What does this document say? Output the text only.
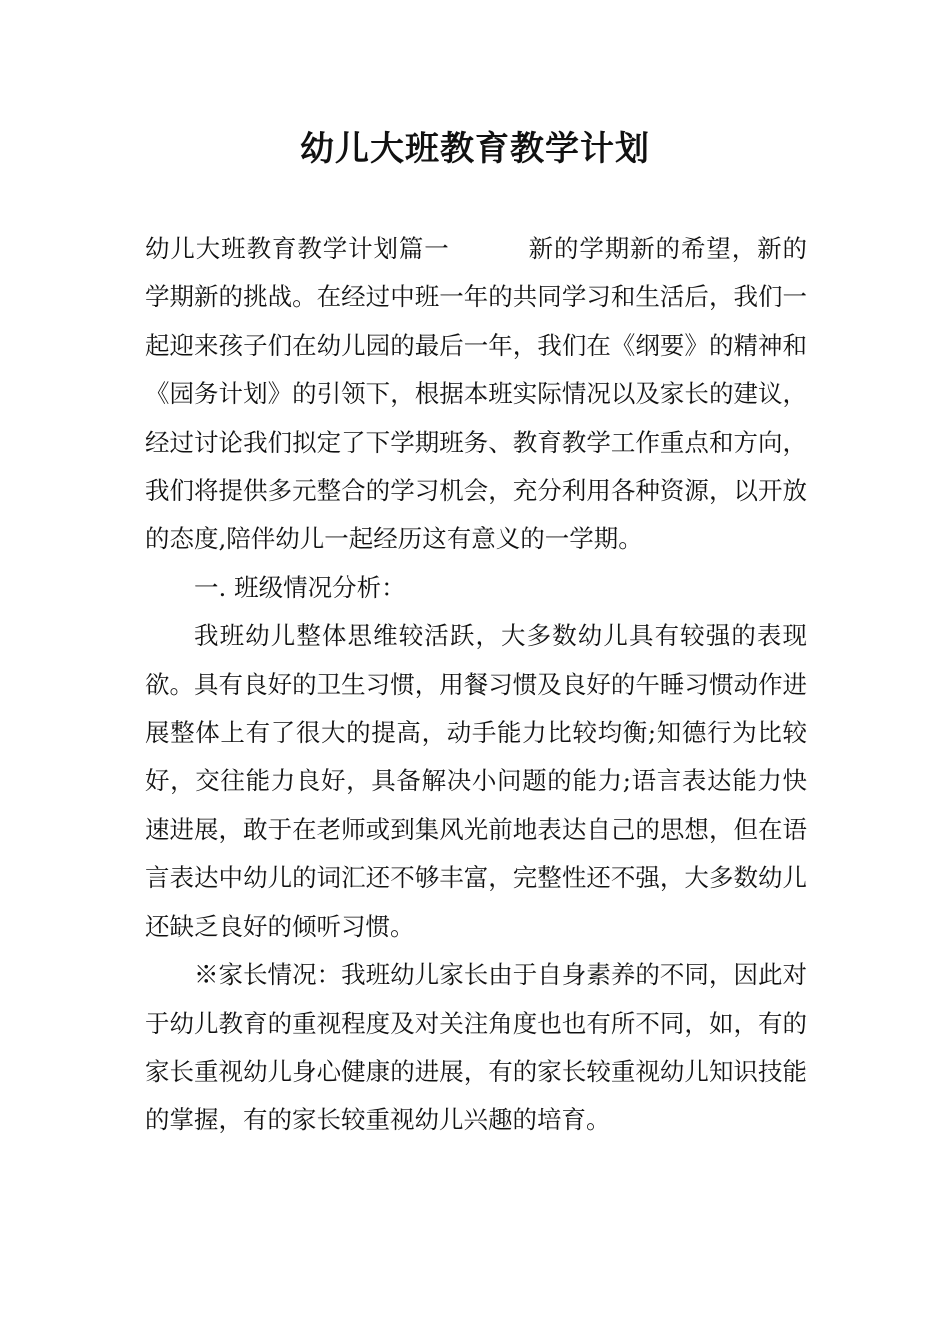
幼儿大班教育教学计划

幼儿大班教育教学计划篇一	新的学期新的希望，新的学期新的挑战。在经过中班一年的共同学习和生活后，我们一起迎来孩子们在幼儿园的最后一年，我们在《纲要》的精神和《园务计划》的引领下，根据本班实际情况以及家长的建议，经过讨论我们拟定了下学期班务、教育教学工作重点和方向，我们将提供多元整合的学习机会，充分利用各种资源，以开放的态度,陪伴幼儿一起经历这有意义的一学期。

一. 班级情况分析：

我班幼儿整体思维较活跃，大多数幼儿具有较强的表现欲。具有良好的卫生习惯，用餐习惯及良好的午睡习惯动作进展整体上有了很大的提高，动手能力比较均衡;知德行为比较好，交往能力良好，具备解决小问题的能力;语言表达能力快速进展，敢于在老师或到集风光前地表达自己的思想，但在语言表达中幼儿的词汇还不够丰富，完整性还不强，大多数幼儿还缺乏良好的倾听习惯。

※家长情况：我班幼儿家长由于自身素养的不同，因此对于幼儿教育的重视程度及对关注角度也也有所不同，如，有的家长重视幼儿身心健康的进展，有的家长较重视幼儿知识技能的掌握，有的家长较重视幼儿兴趣的培育。
